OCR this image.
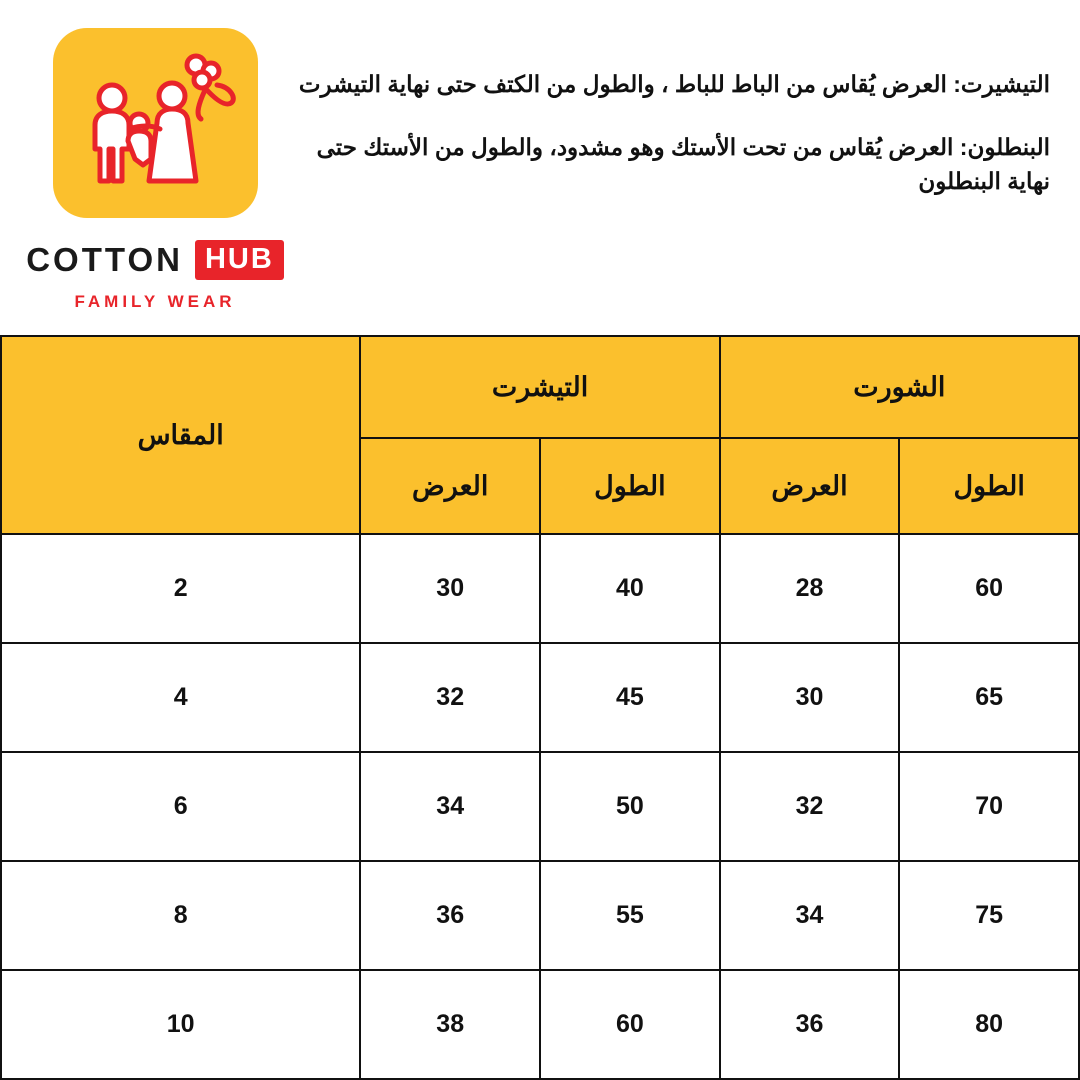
التيشيرت: العرض يُقاس من الباط للباط ، والطول من الكتف حتى نهاية التيشرت
البنطلون: العرض يُقاس من تحت الأستك وهو مشدود، والطول من الأستك حتى نهاية البنطلون
COTTON HUB
FAMILY WEAR
الشورت		التيشرت		المقاس
الطول	العرض	الطول	العرض	
60	28	40	30	2
65	30	45	32	4
70	32	50	34	6
75	34	55	36	8
80	36	60	38	10
